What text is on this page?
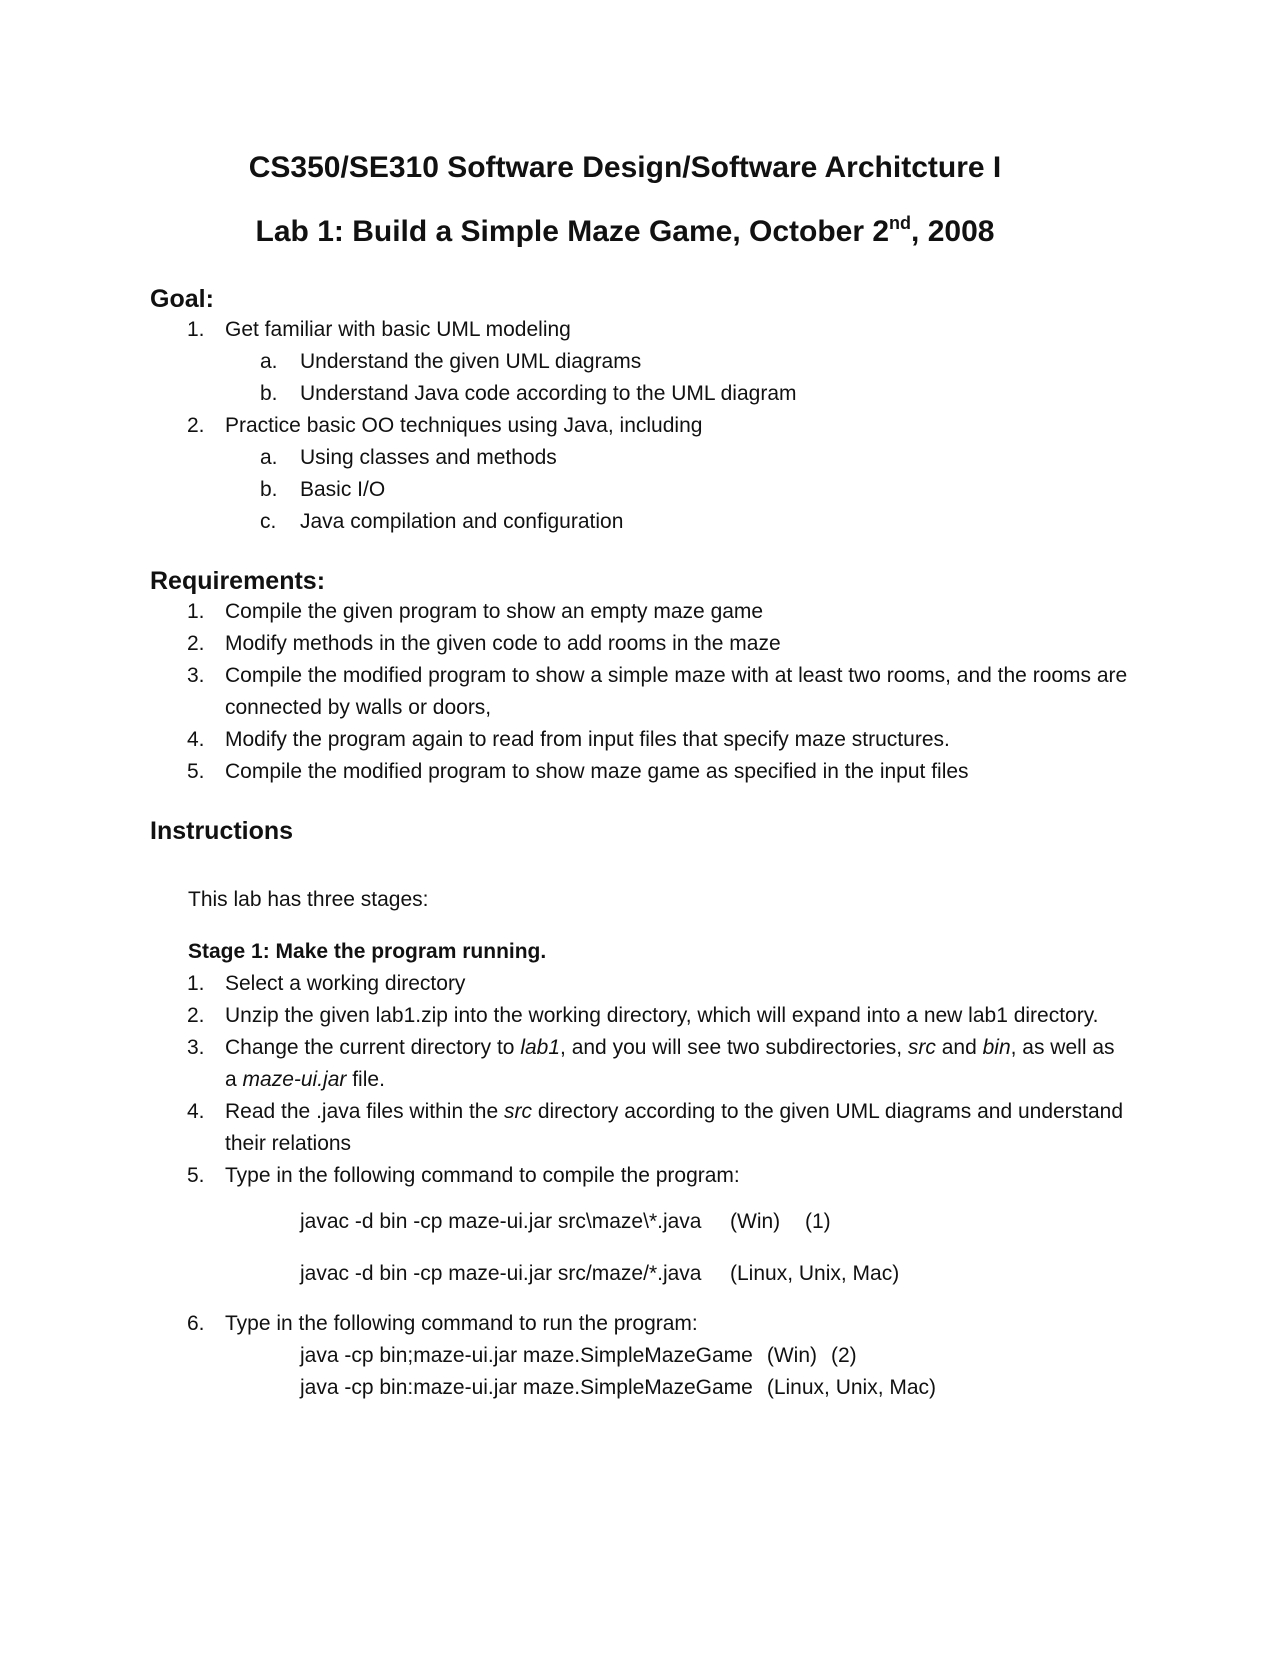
CS350/SE310 Software Design/Software Architcture I
Lab 1: Build a Simple Maze Game, October 2nd, 2008
Goal:
1. Get familiar with basic UML modeling
a.	Understand the given UML diagrams
b.	Understand Java code according to the UML diagram
2. Practice basic OO techniques using Java, including
a.	Using classes and methods
b.	Basic I/O
c.	Java compilation and configuration
Requirements:
1. Compile the given program to show an empty maze game
2. Modify methods in the given code to add rooms in the maze
3. Compile the modified program to show a simple maze with at least two rooms, and the rooms are connected by walls or doors,
4. Modify the program again to read from input files that specify maze structures.
5. Compile the modified program to show maze game as specified in the input files
Instructions

This lab has three stages:

Stage 1: Make the program running.

1. Select a working directory
2. Unzip the given lab1.zip into the working directory, which will expand into a new lab1 directory.
3. Change the current directory to lab1, and you will see two subdirectories, src and bin, as well as a maze-ui.jar file.
4. Read the .java files within the src directory according to the given UML diagrams and understand their relations
5. Type in the following command to compile the program:
javac -d bin -cp maze-ui.jar src\maze\*.java	(Win)	(1)
javac -d bin -cp maze-ui.jar src/maze/*.java	(Linux, Unix, Mac)
6. Type in the following command to run the program:
java -cp bin;maze-ui.jar maze.SimpleMazeGame (Win) (2)
java -cp bin:maze-ui.jar maze.SimpleMazeGame (Linux, Unix, Mac)
